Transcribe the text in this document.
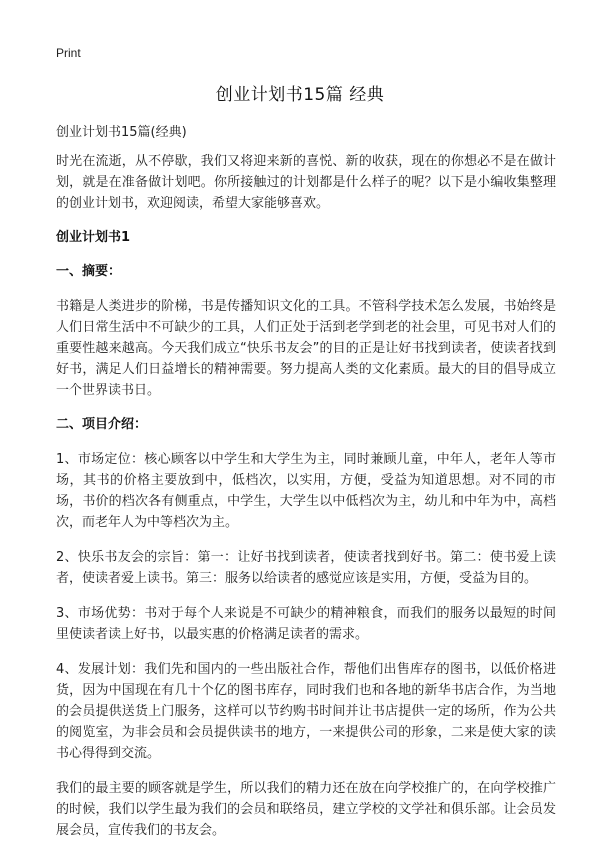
Print
创业计划书15篇 经典
创业计划书15篇(经典)

时光在流逝，从不停歇，我们又将迎来新的喜悦、新的收获，现在的你想必不是在做计划，就是在准备做计划吧。你所接触过的计划都是什么样子的呢？以下是小编收集整理的创业计划书，欢迎阅读，希望大家能够喜欢。

创业计划书1

一、摘要：

书籍是人类进步的阶梯，书是传播知识文化的工具。不管科学技术怎么发展，书始终是人们日常生活中不可缺少的工具，人们正处于活到老学到老的社会里，可见书对人们的重要性越来越高。今天我们成立“快乐书友会”的目的正是让好书找到读者，使读者找到好书，满足人们日益增长的精神需要。努力提高人类的文化素质。最大的目的倡导成立一个世界读书日。

二、项目介绍：

1、市场定位：核心顾客以中学生和大学生为主，同时兼顾儿童，中年人，老年人等市场，其书的价格主要放到中，低档次，以实用，方便，受益为知道思想。对不同的市场，书价的档次各有侧重点，中学生，大学生以中低档次为主，幼儿和中年为中，高档次，而老年人为中等档次为主。

2、快乐书友会的宗旨：第一：让好书找到读者，使读者找到好书。第二：使书爱上读者，使读者爱上读书。第三：服务以给读者的感觉应该是实用，方便，受益为目的。

3、市场优势：书对于每个人来说是不可缺少的精神粮食，而我们的服务以最短的时间里使读者读上好书，以最实惠的价格满足读者的需求。

4、发展计划：我们先和国内的一些出版社合作，帮他们出售库存的图书，以低价格进货，因为中国现在有几十个亿的图书库存，同时我们也和各地的新华书店合作，为当地的会员提供送货上门服务，这样可以节约购书时间并让书店提供一定的场所，作为公共的阅览室，为非会员和会员提供读书的地方，一来提供公司的形象，二来是使大家的读书心得得到交流。

我们的最主要的顾客就是学生，所以我们的精力还在放在向学校推广的，在向学校推广的时候，我们以学生最为我们的会员和联络员，建立学校的文学社和俱乐部。让会员发展会员，宣传我们的书友会。
